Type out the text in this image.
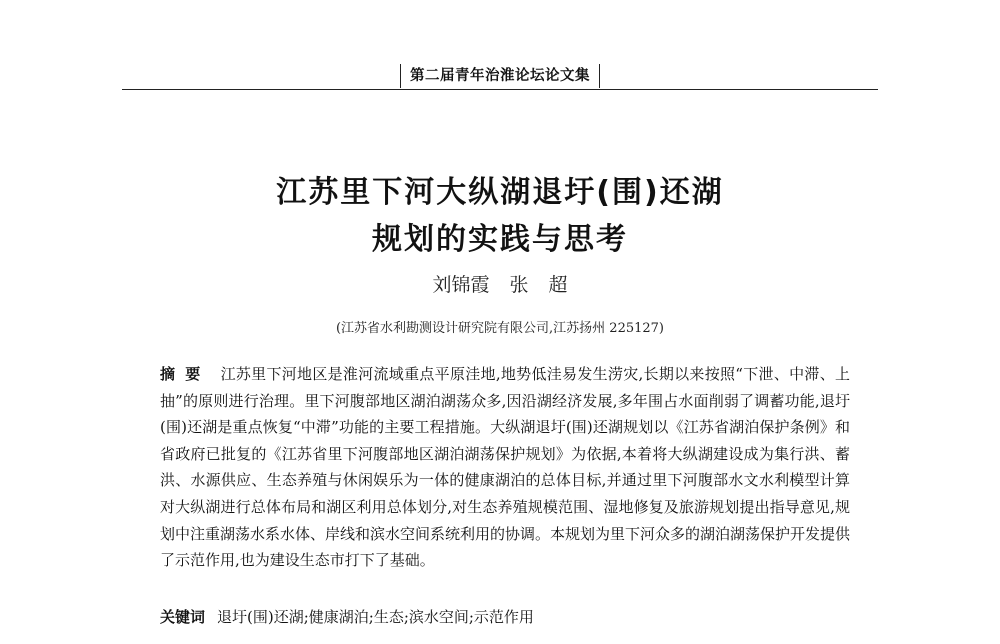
第二届青年治淮论坛论文集
江苏里下河大纵湖退圩(围)还湖
规划的实践与思考
刘锦霞 张 超
(江苏省水利勘测设计研究院有限公司,江苏扬州 225127)
摘要 江苏里下河地区是淮河流域重点平原洼地,地势低洼易发生涝灾,长期以来按照“下泄、中滞、上抽”的原则进行治理。里下河腹部地区湖泊湖荡众多,因沿湖经济发展,多年围占水面削弱了调蓄功能,退圩(围)还湖是重点恢复“中滞”功能的主要工程措施。大纵湖退圩(围)还湖规划以《江苏省湖泊保护条例》和省政府已批复的《江苏省里下河腹部地区湖泊湖荡保护规划》为依据,本着将大纵湖建设成为集行洪、蓄洪、水源供应、生态养殖与休闲娱乐为一体的健康湖泊的总体目标,并通过里下河腹部水文水利模型计算对大纵湖进行总体布局和湖区利用总体划分,对生态养殖规模范围、湿地修复及旅游规划提出指导意见,规划中注重湖荡水系水体、岸线和滨水空间系统利用的协调。本规划为里下河众多的湖泊湖荡保护开发提供了示范作用,也为建设生态市打下了基础。
关键词 退圩(围)还湖;健康湖泊;生态;滨水空间;示范作用
